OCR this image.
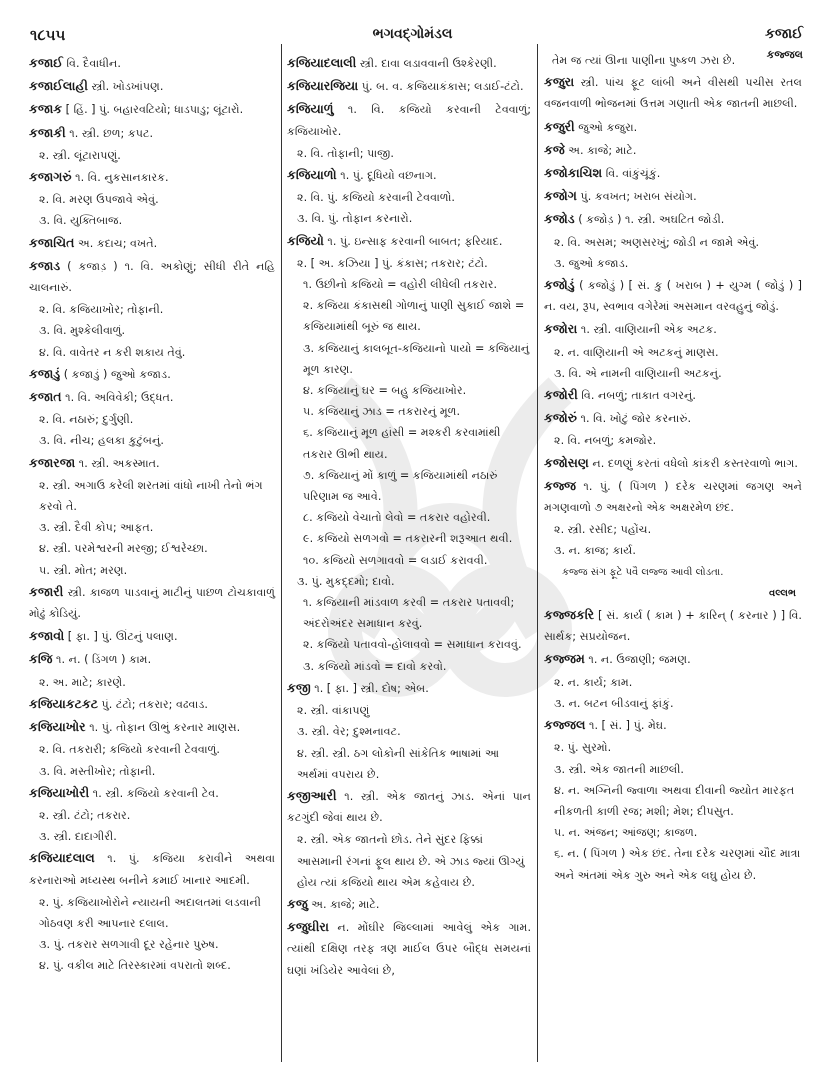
૧૮૫૫	ભગવદ્ગોમંડલ	કજાઈ
કજ્જલ

કજાઈ વિ. દૈવાધીન.

કજાઈલાહી સ્ત્રી. ખોડખાંપણ.

કજાક [ હિં. ] પું. બહારવટિયો; ધાડપાડુ; લૂંટારો.

કજાકી ૧. સ્ત્રી. છળ; કપટ.

૨. સ્ત્રી. લૂંટારાપણું.

કજાગરું ૧. વિ. નુકસાનકારક.

૨. વિ. મરણ ઉપજાવે એવું.

૩. વિ. યુક્તિબાજ.

કજાચિત અ. કદાચ; વખતે.

કજાડ ( કજાડ઼ ) ૧. વિ. અકોણું; સીધી રીતે નહિ ચાલનારું.

૨. વિ. કજિયાખોર; તોફાની.

૩. વિ. મુશ્કેલીવાળું.

૪. વિ. વાવેતર ન કરી શકાય તેવું.

કજાડું ( કજાડું ) જુઓ કજાડ.

કજાત ૧. વિ. અવિવેકી; ઉદ્ધત.

૨. વિ. નઠારું; દુર્ગુણી.

૩. વિ. નીચ; હલકા કુટુંબનું.

કજારજા ૧. સ્ત્રી. અકસ્માત.

૨. સ્ત્રી. અગાઉ કરેલી શરતમાં વાંધો નાખી તેનો ભંગ કરવો તે.

૩. સ્ત્રી. દૈવી કોપ; આફત.

૪. સ્ત્રી. પરમેશ્વરની મરજી; ઈશ્વરેચ્છા.

૫. સ્ત્રી. મોત; મરણ.

કજારી સ્ત્રી. કાજળ પાડવાનું માટીનું પાછળ ટોચકાવાળું મોઢું કોડિયું.

કજાવો [ ફા. ] પું. ઊંટનું પલાણ.

કજિ ૧. ન. ( ડિંગળ ) કામ.

૨. અ. માટે; કારણે.

કજિયાકટકટ પું. ટંટો; તકરાર; વઢવાડ.

કજિયાખોર ૧. પું. તોફાન ઊભું કરનાર માણસ.

૨. વિ. તકરારી; કજિયો કરવાની ટેવવાળું.

૩. વિ. મસ્તીખોર; તોફાની.

કજિયાખોરી ૧. સ્ત્રી. કજિયો કરવાની ટેવ.

૨. સ્ત્રી. ટંટો; તકરાર.

૩. સ્ત્રી. દાદાગીરી.

કજિયાદલાલ ૧. પું. કજિયા કરાવીને અથવા કરનારાઓ મધ્યસ્થ બનીને કમાઈ ખાનાર આદમી.

૨. પું. કજિયાખોરોને ન્યાયની અદાલતમાં લડવાની ગોઠવણ કરી આપનાર દલાલ.

૩. પું. તકરાર સળગાવી દૂર રહેનાર પુરુષ.

૪. પું. વકીલ માટે તિરસ્કારમાં વપરાતો શબ્દ.

કજિયાદલાલી સ્ત્રી. દાવા લડાવવાની ઉશ્કેરણી.

કજિયારજિયા પું. બ. વ. કજિયાકંકાસ; લડાઈ-ટંટો.

કજિયાળું ૧. વિ. કજિયો કરવાની ટેવવાળું; કજિયાખોર.

૨. વિ. તોફાની; પાજી.

કજિયાળો ૧. પું. દૂધિયો વછનાગ.

૨. વિ. પું. કજિયો કરવાની ટેવવાળો.

૩. વિ. પું. તોફાન કરનારો.

કજિયો ૧. પું. ઇન્સાફ કરવાની બાબત; ફરિયાદ.

૨. [ અ. કઝિયા ] પું. કંકાસ; તકરાર; ટંટો.

૧. ઉછીનો કજિયો = વહોરી લીધેલી તકરાર.

૨. કજિયા કંકાસથી ગોળાનું પાણી સુકાઈ જાશે = કજિયામાંથી બૂરું જ થાય.

૩. કજિયાનું કાલબૂત-કજિયાનો પાયો = કજિયાનું મૂળ કારણ.

૪. કજિયાનું ઘર = બહુ કજિયાખોર.

૫. કજિયાનું ઝાડ = તકરારનું મૂળ.

૬. કજિયાનું મૂળ હાંસી = મશ્કરી કરવામાંથી તકરાર ઊભી થાય.

૭. કજિયાનું મોં કાળું = કજિયામાંથી નઠારું પરિણામ જ આવે.

૮. કજિયો વેચાતો લેવો = તકરાર વહોરવી.

૯. કજિયો સળગવો = તકરારની શરૂઆત થવી.

૧૦. કજિયો સળગાવવો = લડાઈ કરાવવી.

૩. પું. મુકદ્દમો; દાવો.

૧. કજિયાની માંડવાળ કરવી = તકરાર પતાવવી; અંદરોઅંદર સમાધાન કરવું.

૨. કજિયો પતાવવો-હોલાવવો = સમાધાન કરાવવું.

૩. કજિયો માંડવો = દાવો કરવો.

કજી ૧. [ ફા. ] સ્ત્રી. દોષ; એબ.

૨. સ્ત્રી. વાંકાપણું

૩. સ્ત્રી. વેર; દુશ્મનાવટ.

૪. સ્ત્રી. સ્ત્રી. ઠગ લોકોની સાંકેતિક ભાષામાં આ અર્થમાં વપરાય છે.

કજીઆરી ૧. સ્ત્રી. એક જાતનું ઝાડ. એનાં પાન કટગુંદી જેવાં થાય છે.

૨. સ્ત્રી. એક જાતનો છોડ. તેને સુંદર ફિક્કાં આસમાની રંગનાં ફૂલ થાય છે. એ ઝાડ જ્યાં ઊગ્યું હોય ત્યાં કજિયો થાય એમ કહેવાય છે.

કજુ અ. કાજે; માટે.

કજુઘીરા ન. મોંઘીર જિલ્લામાં આવેલું એક ગામ. ત્યાંથી દક્ષિણ તરફ ત્રણ માઈલ ઉપર બૌદ્ધ સમયનાં ઘણાં ખંડિયેર આવેલાં છે,

તેમ જ ત્યાં ઊના પાણીના પુષ્કળ ઝરા છે.

કજુરા સ્ત્રી. પાંચ ફૂટ લાંબી અને વીસથી પચીસ રતલ વજનવાળી ભોજનમાં ઉત્તમ ગણાતી એક જાતની માછલી.

કજુરી જુઓ કજુરા.

કજે અ. કાજે; માટે.

કજોકાચિશ વિ. વાંકુંચૂંકું.

કજોગ પું. કવખત; ખરાબ સંયોગ.

કજોડ ( કજોડ઼ ) ૧. સ્ત્રી. અઘટિત જોડી.

૨. વિ. અસમ; અણસરખું; જોડી ન જામે એવું.

૩. જુઓ કજાડ.

કજોડું ( કજોડું ) [ સં. કુ ( ખરાબ ) + યુગ્મ ( જોડું ) ] ન. વય, રૂપ, સ્વભાવ વગેરેમાં અસમાન વરવહુનું જોડું.

કજોરા ૧. સ્ત્રી. વાણિયાની એક અટક.

૨. ન. વાણિયાની એ અટકનું માણસ.

૩. વિ. એ નામની વાણિયાની અટકનું.

કજોરી વિ. નબળું; તાકાત વગરનું.

કજોરું ૧. વિ. ખોટું જોર કરનારું.

૨. વિ. નબળું; કમજોર.

કજોસણ ન. દળણું કરતાં વધેલો કાંકરી કસ્તરવાળો ભાગ.

કજ્જ ૧. પું. ( પિંગળ ) દરેક ચરણમાં જગણ અને મગણવાળો ૭ અક્ષરનો એક અક્ષરમેળ છંદ.

૨. સ્ત્રી. રસીદ; પહોંચ.

૩. ન. કાજ; કાર્ય.

કજ્જ સંગ ફૂટે પવૈ લજ્જ આવી લોડતા.

વલ્લભ

કજ્જકરિ [ સં. કાર્ય ( કામ ) + કારિન્ ( કરનાર ) ] વિ. સાર્થક; સપ્રયોજન.

કજ્જમ ૧. ન. ઉજાણી; જમણ.

૨. ન. કાર્ય; કામ.

૩. ન. બટન બીડવાનું ફાંકું.

કજ્જલ ૧. [ સં. ] પું. મેઘ.

૨. પું. સુરમો.

૩. સ્ત્રી. એક જાતની માછલી.

૪. ન. અગ્નિની જ્વાળા અથવા દીવાની જ્યોત મારફત નીકળતી કાળી રજ; મશી; મેશ; દીપસુત.

૫. ન. અંજન; આંજણ; કાજળ.

૬. ન. ( પિંગળ ) એક છંદ. તેના દરેક ચરણમાં ચૌદ માત્રા અને અંતમાં એક ગુરુ અને એક લઘુ હોય છે.
